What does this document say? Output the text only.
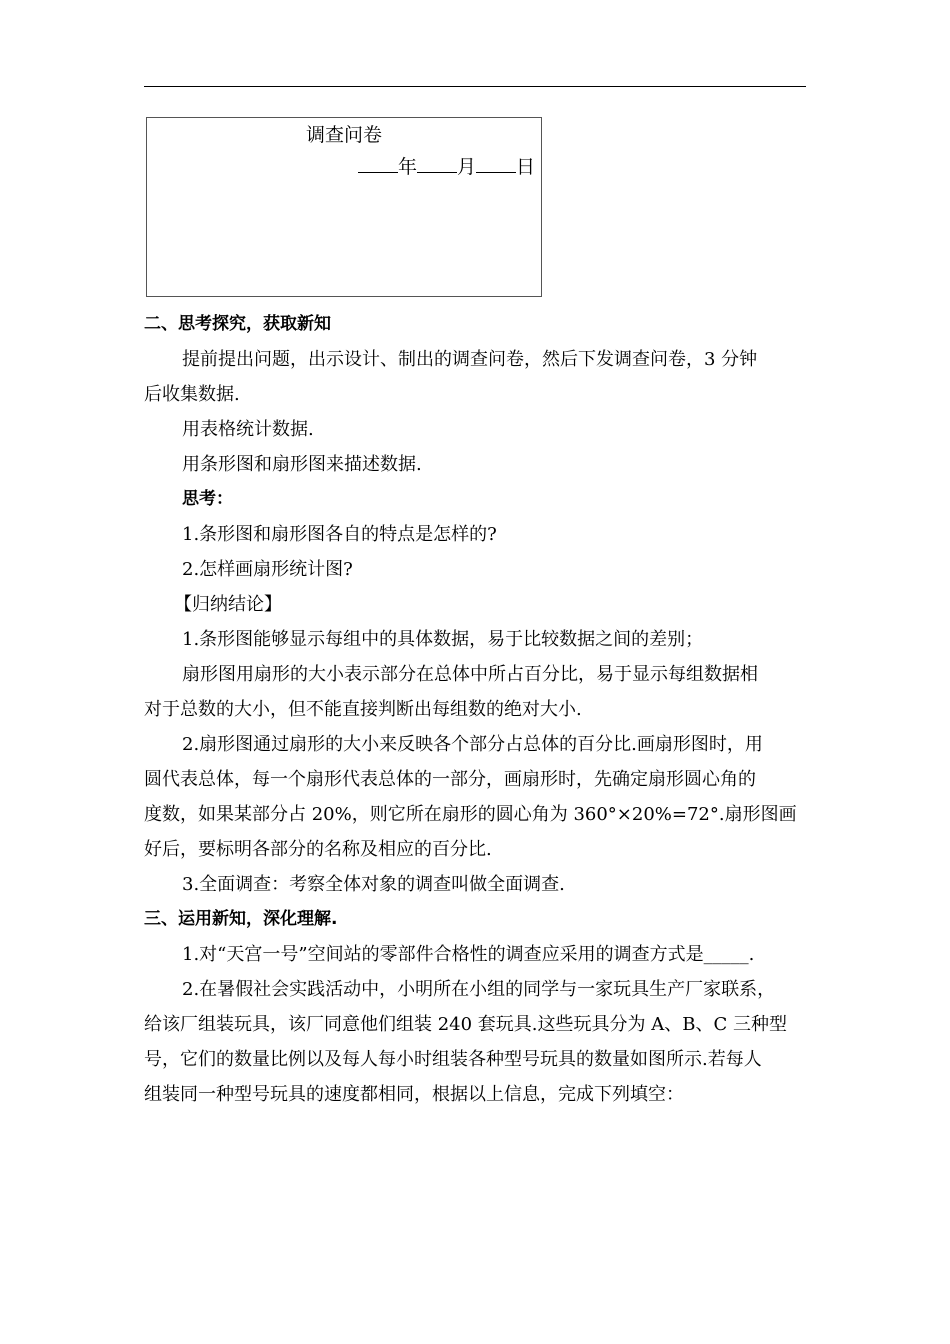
调查问卷
年 月 日

二、思考探究，获取新知

提前提出问题，出示设计、制出的调查问卷，然后下发调查问卷，3 分钟

后收集数据.

用表格统计数据.

用条形图和扇形图来描述数据.

思考：

1.条形图和扇形图各自的特点是怎样的?

2.怎样画扇形统计图?

【归纳结论】

1.条形图能够显示每组中的具体数据，易于比较数据之间的差别；

扇形图用扇形的大小表示部分在总体中所占百分比，易于显示每组数据相

对于总数的大小，但不能直接判断出每组数的绝对大小.

2.扇形图通过扇形的大小来反映各个部分占总体的百分比.画扇形图时，用

圆代表总体，每一个扇形代表总体的一部分，画扇形时，先确定扇形圆心角的

度数，如果某部分占 20%，则它所在扇形的圆心角为 360°×20%=72°.扇形图画

好后，要标明各部分的名称及相应的百分比.

3.全面调查：考察全体对象的调查叫做全面调查.

三、运用新知，深化理解.

1.对“天宫一号”空间站的零部件合格性的调查应采用的调查方式是_____.

2.在暑假社会实践活动中，小明所在小组的同学与一家玩具生产厂家联系，

给该厂组装玩具，该厂同意他们组装 240 套玩具.这些玩具分为 A、B、C 三种型

号，它们的数量比例以及每人每小时组装各种型号玩具的数量如图所示.若每人

组装同一种型号玩具的速度都相同，根据以上信息，完成下列填空：
